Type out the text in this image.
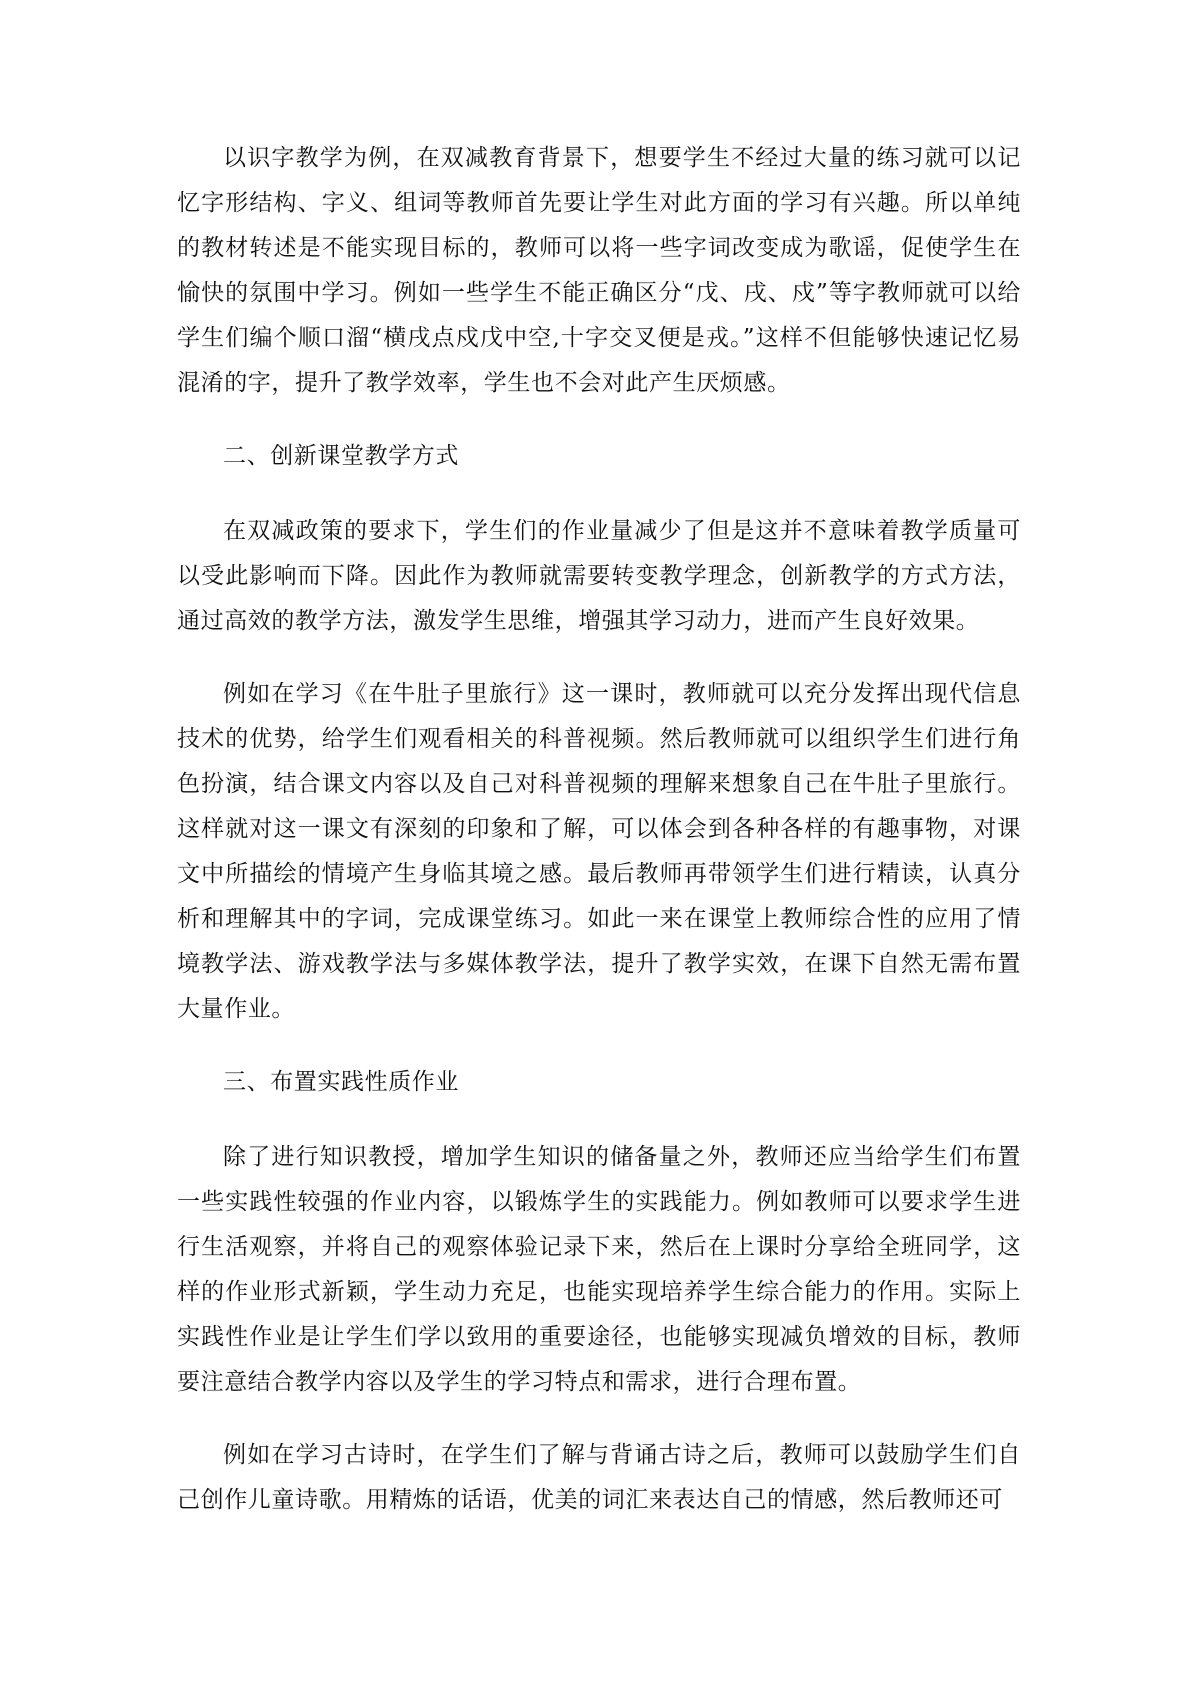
以识字教学为例，在双减教育背景下，想要学生不经过大量的练习就可以记忆字形结构、字义、组词等教师首先要让学生对此方面的学习有兴趣。所以单纯的教材转述是不能实现目标的，教师可以将一些字词改变成为歌谣，促使学生在愉快的氛围中学习。例如一些学生不能正确区分“戊、戌、戍”等字教师就可以给学生们编个顺口溜“横戌点戍戊中空,十字交叉便是戎。”这样不但能够快速记忆易混淆的字，提升了教学效率，学生也不会对此产生厌烦感。

二、创新课堂教学方式

在双减政策的要求下，学生们的作业量减少了但是这并不意味着教学质量可以受此影响而下降。因此作为教师就需要转变教学理念，创新教学的方式方法，通过高效的教学方法，激发学生思维，增强其学习动力，进而产生良好效果。

例如在学习《在牛肚子里旅行》这一课时，教师就可以充分发挥出现代信息技术的优势，给学生们观看相关的科普视频。然后教师就可以组织学生们进行角色扮演，结合课文内容以及自己对科普视频的理解来想象自己在牛肚子里旅行。这样就对这一课文有深刻的印象和了解，可以体会到各种各样的有趣事物，对课文中所描绘的情境产生身临其境之感。最后教师再带领学生们进行精读，认真分析和理解其中的字词，完成课堂练习。如此一来在课堂上教师综合性的应用了情境教学法、游戏教学法与多媒体教学法，提升了教学实效，在课下自然无需布置大量作业。

三、布置实践性质作业

除了进行知识教授，增加学生知识的储备量之外，教师还应当给学生们布置一些实践性较强的作业内容，以锻炼学生的实践能力。例如教师可以要求学生进行生活观察，并将自己的观察体验记录下来，然后在上课时分享给全班同学，这样的作业形式新颖，学生动力充足，也能实现培养学生综合能力的作用。实际上实践性作业是让学生们学以致用的重要途径，也能够实现减负增效的目标，教师要注意结合教学内容以及学生的学习特点和需求，进行合理布置。

例如在学习古诗时，在学生们了解与背诵古诗之后，教师可以鼓励学生们自己创作儿童诗歌。用精炼的话语，优美的词汇来表达自己的情感，然后教师还可
